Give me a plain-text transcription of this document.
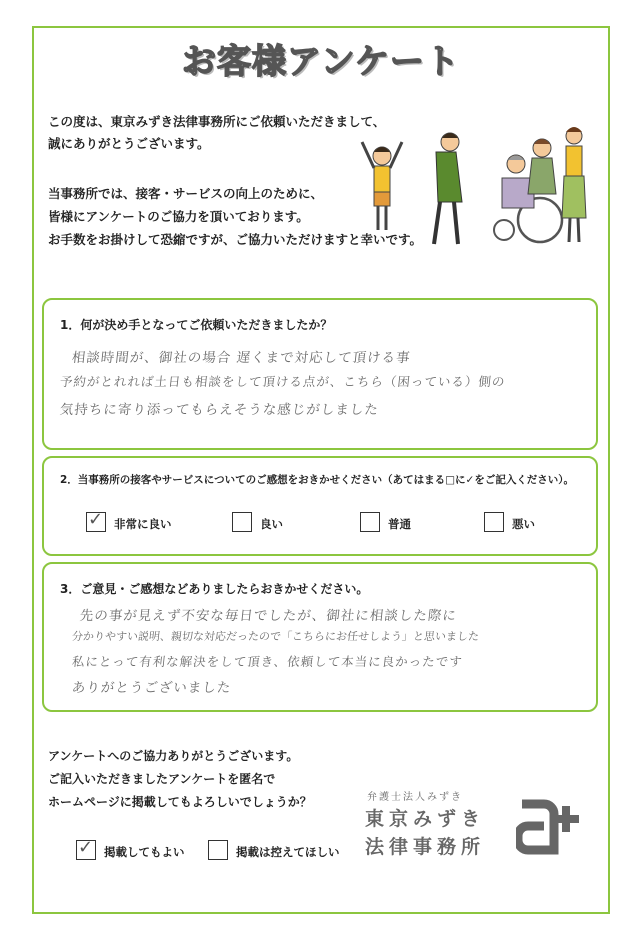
お客様アンケート
この度は、東京みずき法律事務所にご依頼いただきまして、
誠にありがとうございます。
当事務所では、接客・サービスの向上のために、
皆様にアンケートのご協力を頂いております。
お手数をお掛けして恐縮ですが、ご協力いただけますと幸いです。
1．何が決め手となってご依頼いただきましたか？
相談時間が、御社の場合 遅くまで対応して頂ける事
予約がとれれば土日も相談をして頂ける点が、こちら（困っている）側の
気持ちに寄り添ってもらえそうな感じがしました
2．当事務所の接客やサービスについてのご感想をおきかせください（あてはまる□に✓をご記入ください）。
✓ 非常に良い	良い	普通	悪い
3．ご意見・ご感想などありましたらおきかせください。
先の事が見えず不安な毎日でしたが、御社に相談した際に
分かりやすい説明、親切な対応だったので「こちらにお任せしよう」と思いました
私にとって有利な解決をして頂き、依頼して本当に良かったです
ありがとうございました
アンケートへのご協力ありがとうございます。
ご記入いただきましたアンケートを匿名で
ホームページに掲載してもよろしいでしょうか？
✓ 掲載してもよい	掲載は控えてほしい
弁護士法人みずき
東京みずき
法律事務所
